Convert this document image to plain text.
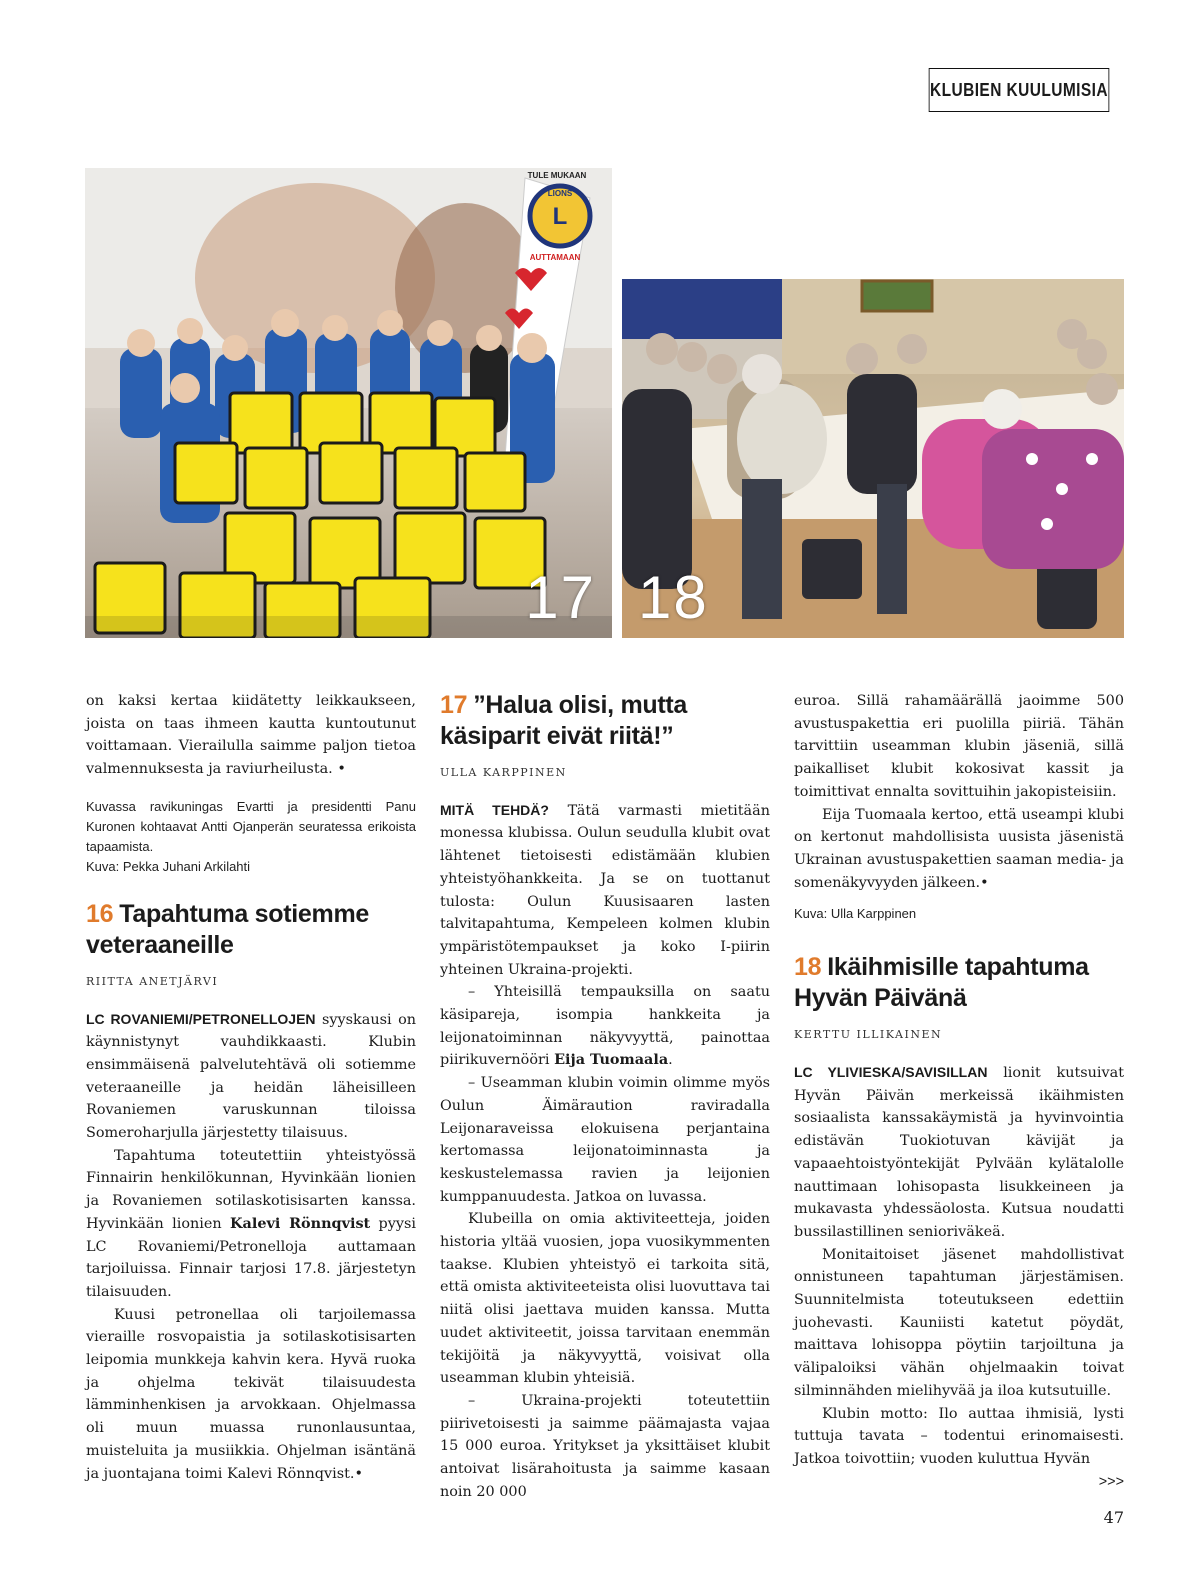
KLUBIEN KUULUMISIA
L
TULE MUKAAN
LIONS
AUTTAMAAN
17 18

on kaksi kertaa kiidätetty leikkaukseen, joista on taas ihmeen kautta kuntoutunut voittamaan. Vierailulla saimme paljon tietoa valmennuksesta ja raviurheilusta. •

Kuvassa ravikuningas Evartti ja presidentti Panu Kuronen kohtaavat Antti Ojanperän seuratessa erikoista tapaamista.
Kuva: Pekka Juhani Arkilahti

16 Tapahtuma sotiemme veteraaneille
RIITTA ANETJÄRVI

LC ROVANIEMI/PETRONELLOJEN syyskausi on käynnistynyt vauhdikkaasti. Klubin ensimmäisenä palvelutehtävä oli sotiemme veteraaneille ja heidän läheisilleen Rovaniemen varuskunnan tiloissa Someroharjulla järjestetty tilaisuus.

Tapahtuma toteutettiin yhteistyössä Finnairin henkilökunnan, Hyvinkään lionien ja Rovaniemen sotilaskotisisarten kanssa. Hyvinkään lionien Kalevi Rönnqvist pyysi LC Rovaniemi/Petronelloja auttamaan tarjoiluissa. Finnair tarjosi 17.8. järjestetyn tilaisuuden.

Kuusi petronellaa oli tarjoilemassa vieraille rosvopaistia ja sotilaskotisisarten leipomia munkkeja kahvin kera. Hyvä ruoka ja ohjelma tekivät tilaisuudesta lämminhenkisen ja arvokkaan. Ohjelmassa oli muun muassa runonlausuntaa, muisteluita ja musiikkia. Ohjelman isäntänä ja juontajana toimi Kalevi Rönnqvist.•

17 ”Halua olisi, mutta käsiparit eivät riitä!”
ULLA KARPPINEN

MITÄ TEHDÄ? Tätä varmasti mietitään monessa klubissa. Oulun seudulla klubit ovat lähtenet tietoisesti edistämään klubien yhteistyöhankkeita. Ja se on tuottanut tulosta: Oulun Kuusisaaren lasten talvitapahtuma, Kempeleen kolmen klubin ympäristötempaukset ja koko I-piirin yhteinen Ukraina-projekti.

– Yhteisillä tempauksilla on saatu käsipareja, isompia hankkeita ja leijonatoiminnan näkyvyyttä, painottaa piirikuvernööri Eija Tuomaala.

– Useamman klubin voimin olimme myös Oulun Äimäraution raviradalla Leijonaraveissa elokuisena perjantaina kertomassa leijonatoiminnasta ja keskustelemassa ravien ja leijonien kumppanuudesta. Jatkoa on luvassa.

Klubeilla on omia aktiviteetteja, joiden historia yltää vuosien, jopa vuosikymmenten taakse. Klubien yhteistyö ei tarkoita sitä, että omista aktiviteeteista olisi luovuttava tai niitä olisi jaettava muiden kanssa. Mutta uudet aktiviteetit, joissa tarvitaan enemmän tekijöitä ja näkyvyyttä, voisivat olla useamman klubin yhteisiä.

– Ukraina-projekti toteutettiin piirivetoisesti ja saimme päämajasta vajaa 15 000 euroa. Yritykset ja yksittäiset klubit antoivat lisärahoitusta ja saimme kasaan noin 20 000

euroa. Sillä rahamäärällä jaoimme 500 avustuspakettia eri puolilla piiriä. Tähän tarvittiin useamman klubin jäseniä, sillä paikalliset klubit kokosivat kassit ja toimittivat ennalta sovittuihin jakopisteisiin.

Eija Tuomaala kertoo, että useampi klubi on kertonut mahdollisista uusista jäsenistä Ukrainan avustuspakettien saaman media- ja somenäkyvyyden jälkeen.•

Kuva: Ulla Karppinen

18 Ikäihmisille tapahtuma Hyvän Päivänä
KERTTU ILLIKAINEN

LC YLIVIESKA/SAVISILLAN lionit kutsuivat Hyvän Päivän merkeissä ikäihmisten sosiaalista kanssakäymistä ja hyvinvointia edistävän Tuokiotuvan kävijät ja vapaaehtoistyöntekijät Pylvään kylätalolle nauttimaan lohisopasta lisukkeineen ja mukavasta yhdessäolosta. Kutsua noudatti bussilastillinen senioriväkeä.

Monitaitoiset jäsenet mahdollistivat onnistuneen tapahtuman järjestämisen. Suunnitelmista toteutukseen edettiin juohevasti. Kauniisti katetut pöydät, maittava lohisoppa pöytiin tarjoiltuna ja välipaloiksi vähän ohjelmaakin toivat silminnähden mielihyvää ja iloa kutsutuille.

Klubin motto: Ilo auttaa ihmisiä, lysti tuttuja tavata – todentui erinomaisesti. Jatkoa toivottiin; vuoden kuluttua Hyvän
>>>

47
